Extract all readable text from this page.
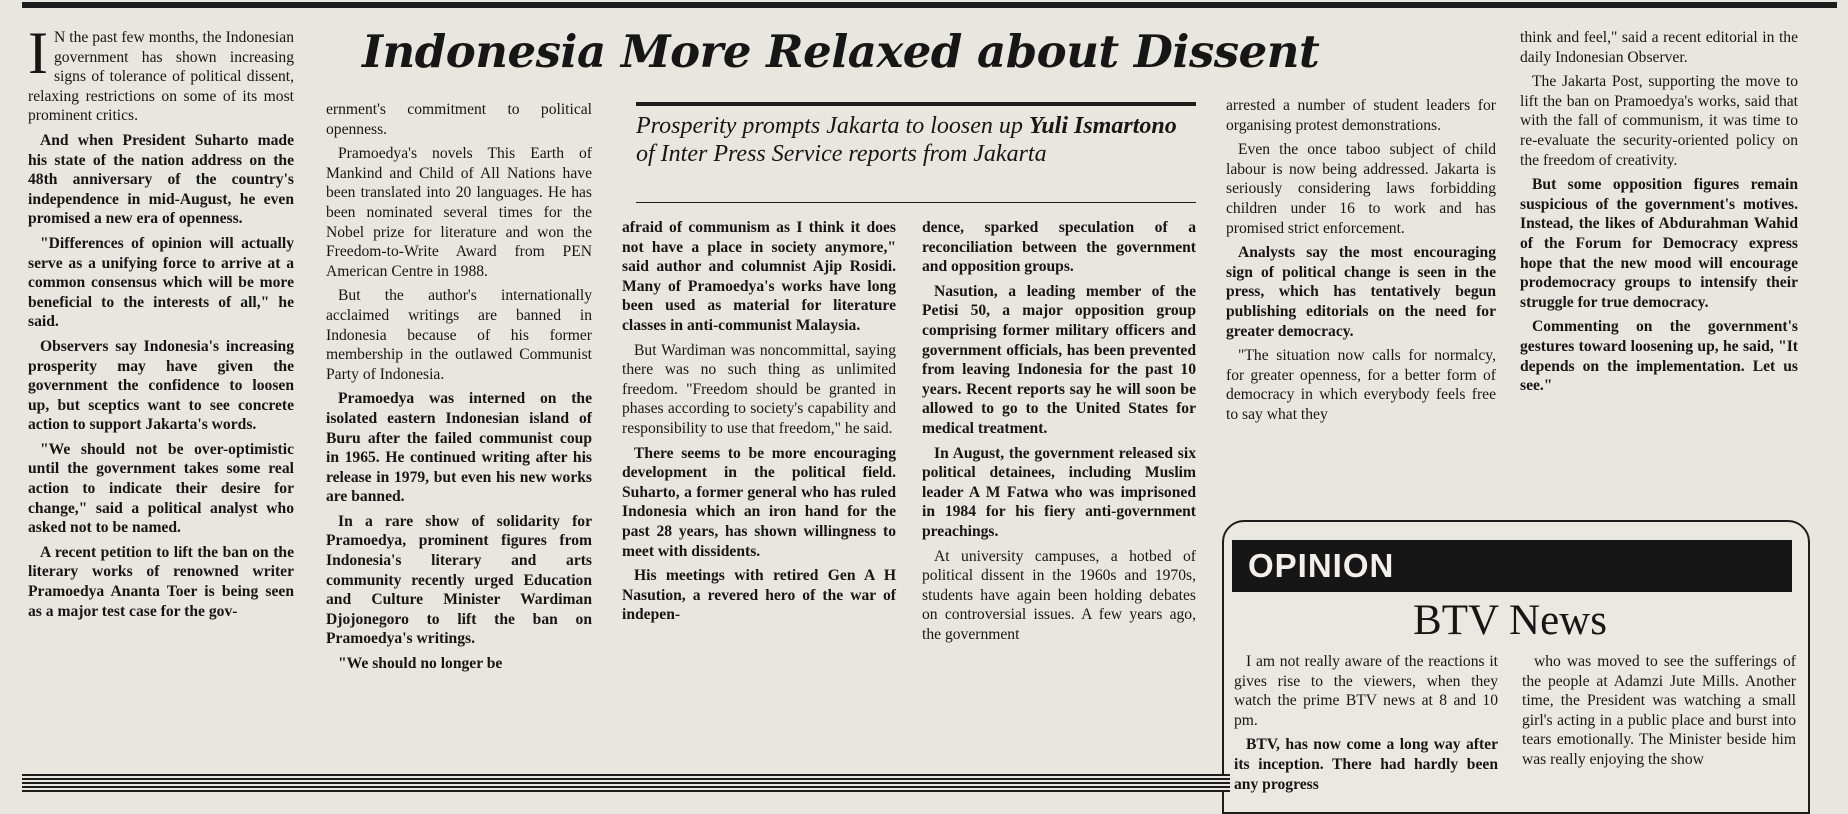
I N the past few months, the Indonesian government has shown increasing signs of tolerance of political dissent, relaxing restrictions on some of its most prominent critics.

And when President Suharto made his state of the nation address on the 48th anniversary of the country's independence in mid-August, he even promised a new era of openness.

"Differences of opinion will actually serve as a unifying force to arrive at a common consensus which will be more beneficial to the interests of all," he said.

Observers say Indonesia's increasing prosperity may have given the government the confidence to loosen up, but sceptics want to see concrete action to support Jakarta's words.

"We should not be over-optimistic until the government takes some real action to indicate their desire for change," said a political analyst who asked not to be named.

A recent petition to lift the ban on the literary works of renowned writer Pramoedya Ananta Toer is being seen as a major test case for the gov-

Indonesia More Relaxed about Dissent

ernment's commitment to political openness.

Pramoedya's novels This Earth of Mankind and Child of All Nations have been translated into 20 languages. He has been nominated several times for the Nobel prize for literature and won the Freedom-to-Write Award from PEN American Centre in 1988.

But the author's internationally acclaimed writings are banned in Indonesia because of his former membership in the outlawed Communist Party of Indonesia.

Pramoedya was interned on the isolated eastern Indonesian island of Buru after the failed communist coup in 1965. He continued writing after his release in 1979, but even his new works are banned.

In a rare show of solidarity for Pramoedya, prominent figures from Indonesia's literary and arts community recently urged Education and Culture Minister Wardiman Djojonegoro to lift the ban on Pramoedya's writings.

"We should no longer be

Prosperity prompts Jakarta to loosen up Yuli Ismartono of Inter Press Service reports from Jakarta

afraid of communism as I think it does not have a place in society anymore," said author and columnist Ajip Rosidi. Many of Pramoedya's works have long been used as material for literature classes in anti-communist Malaysia.

But Wardiman was noncommittal, saying there was no such thing as unlimited freedom. "Freedom should be granted in phases according to society's capability and responsibility to use that freedom," he said.

There seems to be more encouraging development in the political field. Suharto, a former general who has ruled Indonesia which an iron hand for the past 28 years, has shown willingness to meet with dissidents.

His meetings with retired Gen A H Nasution, a revered hero of the war of indepen-

dence, sparked speculation of a reconciliation between the government and opposition groups.

Nasution, a leading member of the Petisi 50, a major opposition group comprising former military officers and government officials, has been prevented from leaving Indonesia for the past 10 years. Recent reports say he will soon be allowed to go to the United States for medical treatment.

In August, the government released six political detainees, including Muslim leader A M Fatwa who was imprisoned in 1984 for his fiery anti-government preachings.

At university campuses, a hotbed of political dissent in the 1960s and 1970s, students have again been holding debates on controversial issues. A few years ago, the government

arrested a number of student leaders for organising protest demonstrations.

Even the once taboo subject of child labour is now being addressed. Jakarta is seriously considering laws forbidding children under 16 to work and has promised strict enforcement.

Analysts say the most encouraging sign of political change is seen in the press, which has tentatively begun publishing editorials on the need for greater democracy.

"The situation now calls for normalcy, for greater openness, for a better form of democracy in which everybody feels free to say what they

think and feel," said a recent editorial in the daily Indonesian Observer.

The Jakarta Post, supporting the move to lift the ban on Pramoedya's works, said that with the fall of communism, it was time to re-evaluate the security-oriented policy on the freedom of creativity.

But some opposition figures remain suspicious of the government's motives. Instead, the likes of Abdurahman Wahid of the Forum for Democracy express hope that the new mood will encourage prodemocracy groups to intensify their struggle for true democracy.

Commenting on the government's gestures toward loosening up, he said, "It depends on the implementation. Let us see."

OPINION
BTV News

I am not really aware of the reactions it gives rise to the viewers, when they watch the prime BTV news at 8 and 10 pm.

BTV, has now come a long way after its inception. There had hardly been any progress

who was moved to see the sufferings of the people at Adamzi Jute Mills. Another time, the President was watching a small girl's acting in a public place and burst into tears emotionally. The Minister beside him was really enjoying the show
